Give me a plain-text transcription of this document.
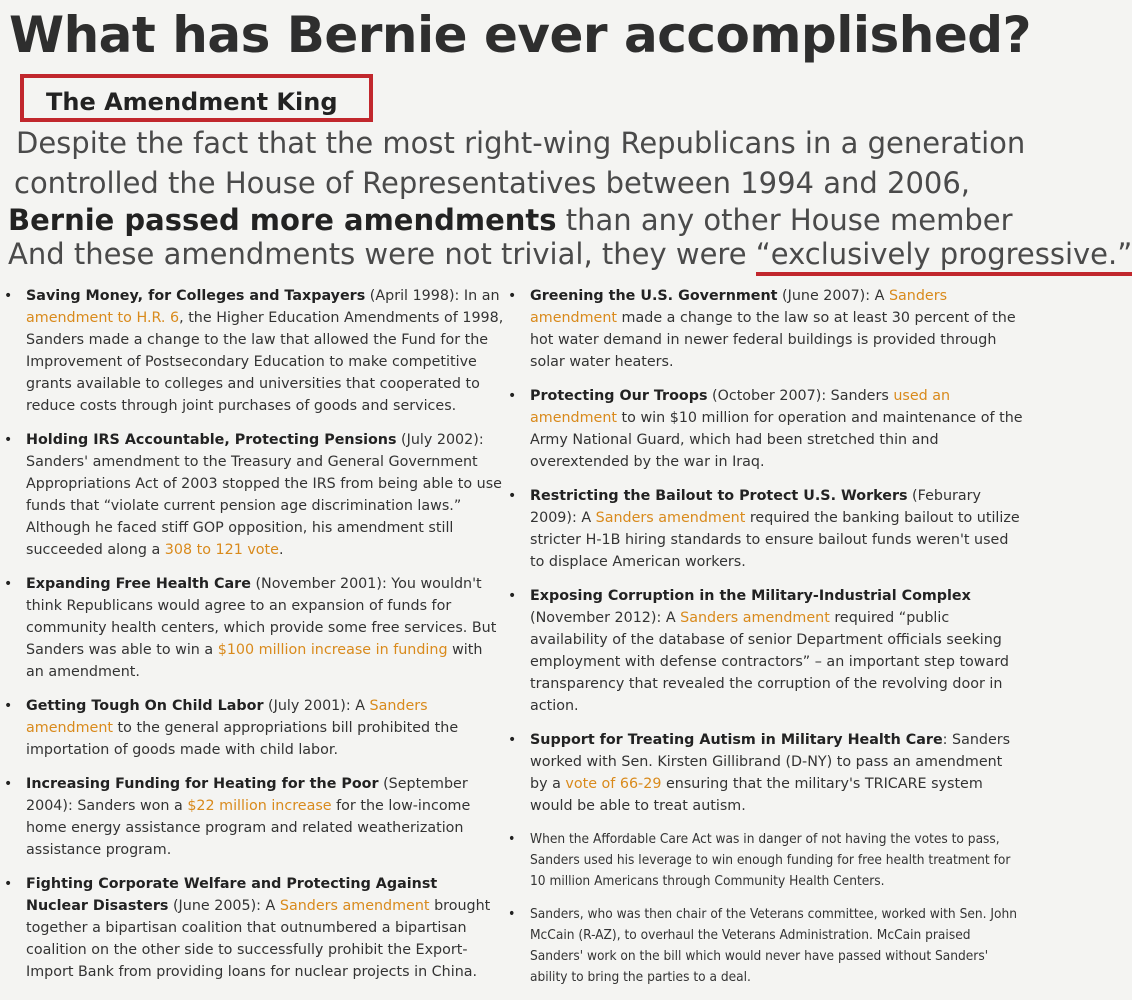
What has Bernie ever accomplished?
The Amendment King
Despite the fact that the most right-wing Republicans in a generation
controlled the House of Representatives between 1994 and 2006,
Bernie passed more amendments than any other House member
And these amendments were not trivial, they were “exclusively progressive.”
• Saving Money, for Colleges and Taxpayers (April 1998): In an amendment to H.R. 6, the Higher Education Amendments of 1998, Sanders made a change to the law that allowed the Fund for the Improvement of Postsecondary Education to make competitive grants available to colleges and universities that cooperated to reduce costs through joint purchases of goods and services.
• Holding IRS Accountable, Protecting Pensions (July 2002): Sanders' amendment to the Treasury and General Government Appropriations Act of 2003 stopped the IRS from being able to use funds that “violate current pension age discrimination laws.” Although he faced stiff GOP opposition, his amendment still succeeded along a 308 to 121 vote.
• Expanding Free Health Care (November 2001): You wouldn't think Republicans would agree to an expansion of funds for community health centers, which provide some free services. But Sanders was able to win a $100 million increase in funding with an amendment.
• Getting Tough On Child Labor (July 2001): A Sanders amendment to the general appropriations bill prohibited the importation of goods made with child labor.
• Increasing Funding for Heating for the Poor (September 2004): Sanders won a $22 million increase for the low-income home energy assistance program and related weatherization assistance program.
• Fighting Corporate Welfare and Protecting Against Nuclear Disasters (June 2005): A Sanders amendment brought together a bipartisan coalition that outnumbered a bipartisan coalition on the other side to successfully prohibit the Export-Import Bank from providing loans for nuclear projects in China.
• Greening the U.S. Government (June 2007): A Sanders amendment made a change to the law so at least 30 percent of the hot water demand in newer federal buildings is provided through solar water heaters.
• Protecting Our Troops (October 2007): Sanders used an amendment to win $10 million for operation and maintenance of the Army National Guard, which had been stretched thin and overextended by the war in Iraq.
• Restricting the Bailout to Protect U.S. Workers (Feburary 2009): A Sanders amendment required the banking bailout to utilize stricter H-1B hiring standards to ensure bailout funds weren't used to displace American workers.
• Exposing Corruption in the Military-Industrial Complex (November 2012): A Sanders amendment required “public availability of the database of senior Department officials seeking employment with defense contractors” – an important step toward transparency that revealed the corruption of the revolving door in action.
• Support for Treating Autism in Military Health Care: Sanders worked with Sen. Kirsten Gillibrand (D-NY) to pass an amendment by a vote of 66-29 ensuring that the military's TRICARE system would be able to treat autism.
• When the Affordable Care Act was in danger of not having the votes to pass, Sanders used his leverage to win enough funding for free health treatment for 10 million Americans through Community Health Centers.
• Sanders, who was then chair of the Veterans committee, worked with Sen. John McCain (R-AZ), to overhaul the Veterans Administration. McCain praised Sanders' work on the bill which would never have passed without Sanders' ability to bring the parties to a deal.
